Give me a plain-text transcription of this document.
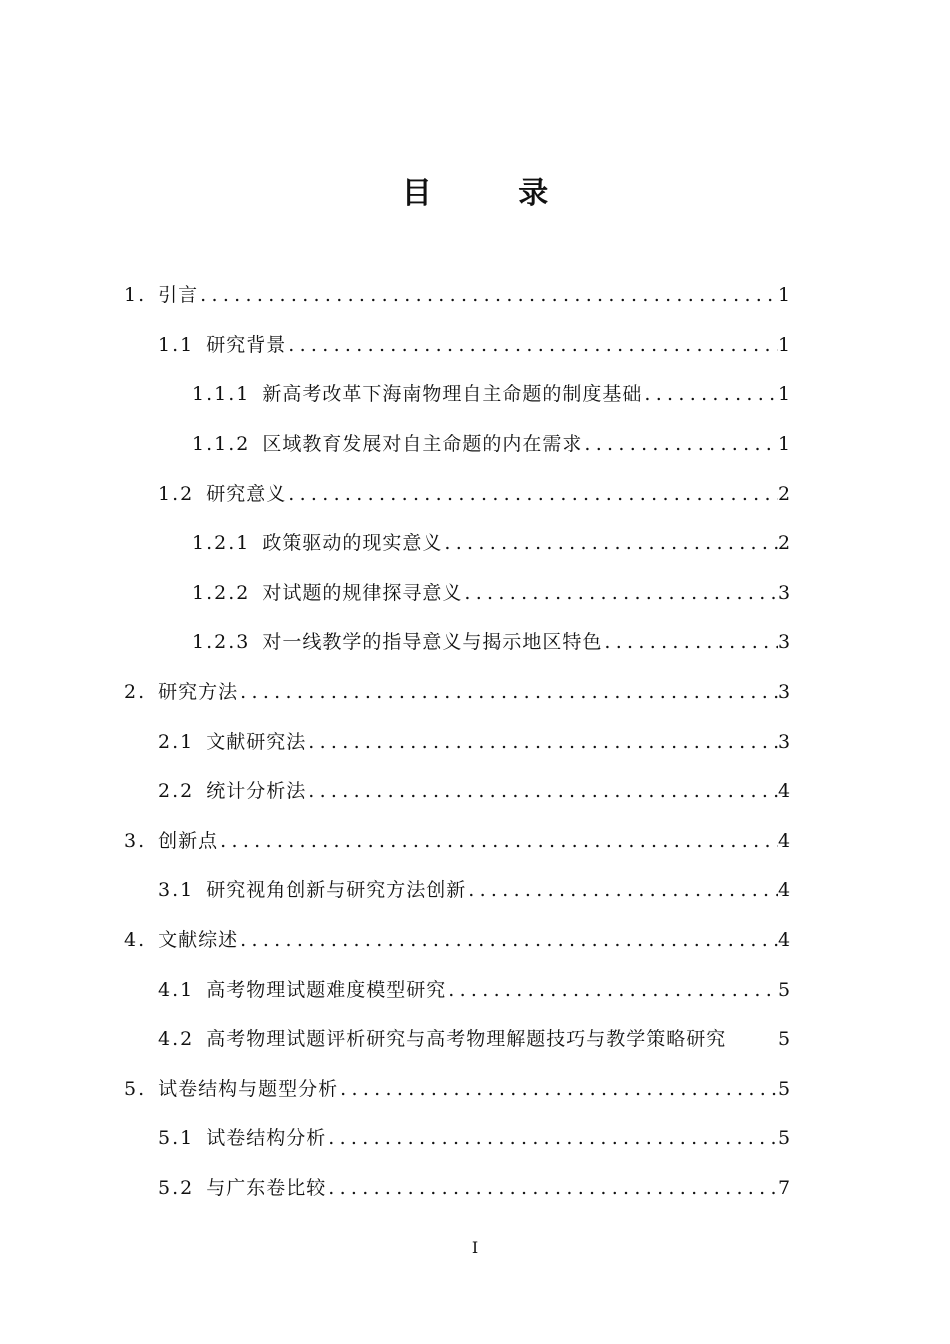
目 录
1. 引言 .....	1
1.1 研究背景 .....	1
1.1.1 新高考改革下海南物理自主命题的制度基础 .....	1
1.1.2 区域教育发展对自主命题的内在需求 .....	1
1.2 研究意义 .....	2
1.2.1 政策驱动的现实意义 .....	2
1.2.2 对试题的规律探寻意义 .....	3
1.2.3 对一线教学的指导意义与揭示地区特色 .....	3
2. 研究方法 .....	3
2.1 文献研究法 .....	3
2.2 统计分析法 .....	4
3. 创新点 .....	4
3.1 研究视角创新与研究方法创新 .....	4
4. 文献综述 .....	4
4.1 高考物理试题难度模型研究 .....	5
4.2 高考物理试题评析研究与高考物理解题技巧与教学策略研究	5
5. 试卷结构与题型分析 .....	5
5.1 试卷结构分析 .....	5
5.2 与广东卷比较 .....	7
I
